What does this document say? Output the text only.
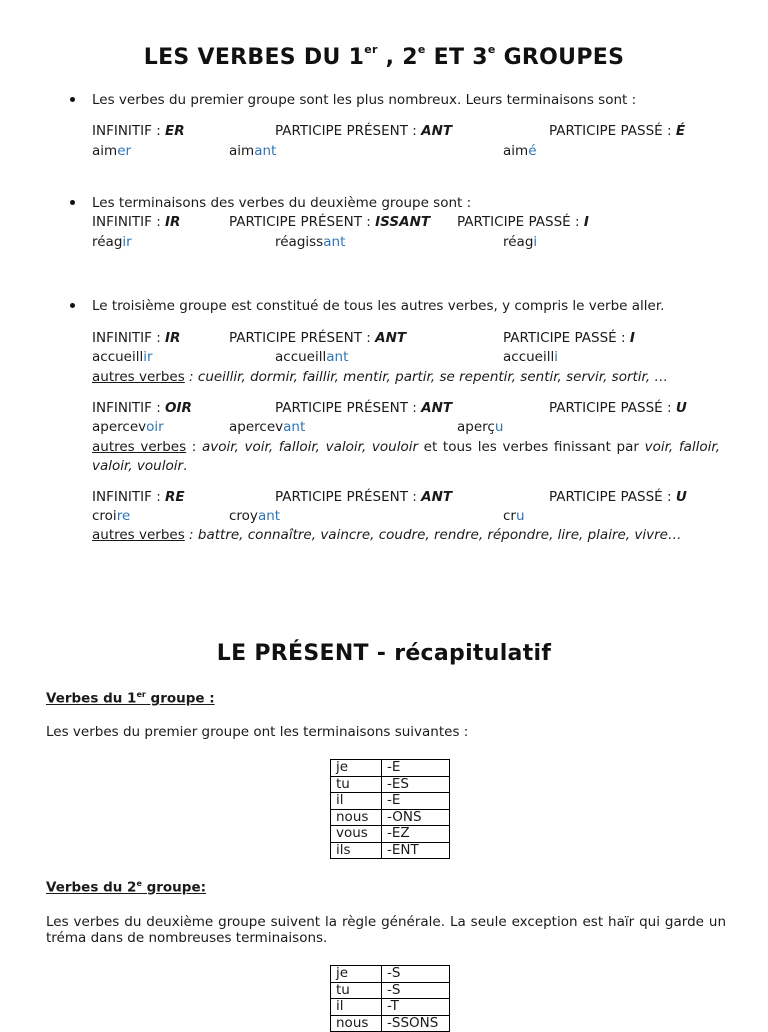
LES VERBES DU 1er , 2e ET 3e GROUPES
Les verbes du premier groupe sont les plus nombreux. Leurs terminaisons sont :
INFINITIF : ER	PARTICIPE PRÉSENT : ANT	PARTICIPE PASSÉ : É
aimer	aimant	aimé
Les terminaisons des verbes du deuxième groupe sont :
INFINITIF : IR	PARTICIPE PRÉSENT : ISSANT PARTICIPE PASSÉ : I
réagir	réagissant	réagi
Le troisième groupe est constitué de tous les autres verbes, y compris le verbe aller.
INFINITIF : IR	PARTICIPE PRÉSENT : ANT	PARTICIPE PASSÉ : I
accueillir	accueillant	accueilli
autres verbes : cueillir, dormir, faillir, mentir, partir, se repentir, sentir, servir, sortir, …
INFINITIF : OIR	PARTICIPE PRÉSENT : ANT	PARTICIPE PASSÉ : U
apercevoir	apercevant	aperçu
autres verbes : avoir, voir, falloir, valoir, vouloir et tous les verbes finissant par voir, falloir, valoir, vouloir.
INFINITIF : RE	PARTICIPE PRÉSENT : ANT	PARTICIPE PASSÉ : U
croire	croyant	cru
autres verbes : battre, connaître, vaincre, coudre, rendre, répondre, lire, plaire, vivre…
LE PRÉSENT - récapitulatif
Verbes du 1er groupe :
Les verbes du premier groupe ont les terminaisons suivantes :
je	-E
tu	-ES
il	-E
nous	-ONS
vous	-EZ
ils	-ENT
Verbes du 2e groupe:
Les verbes du deuxième groupe suivent la règle générale. La seule exception est haïr qui garde un tréma dans de nombreuses terminaisons.
je	-S
tu	-S
il	-T
nous	-SSONS
